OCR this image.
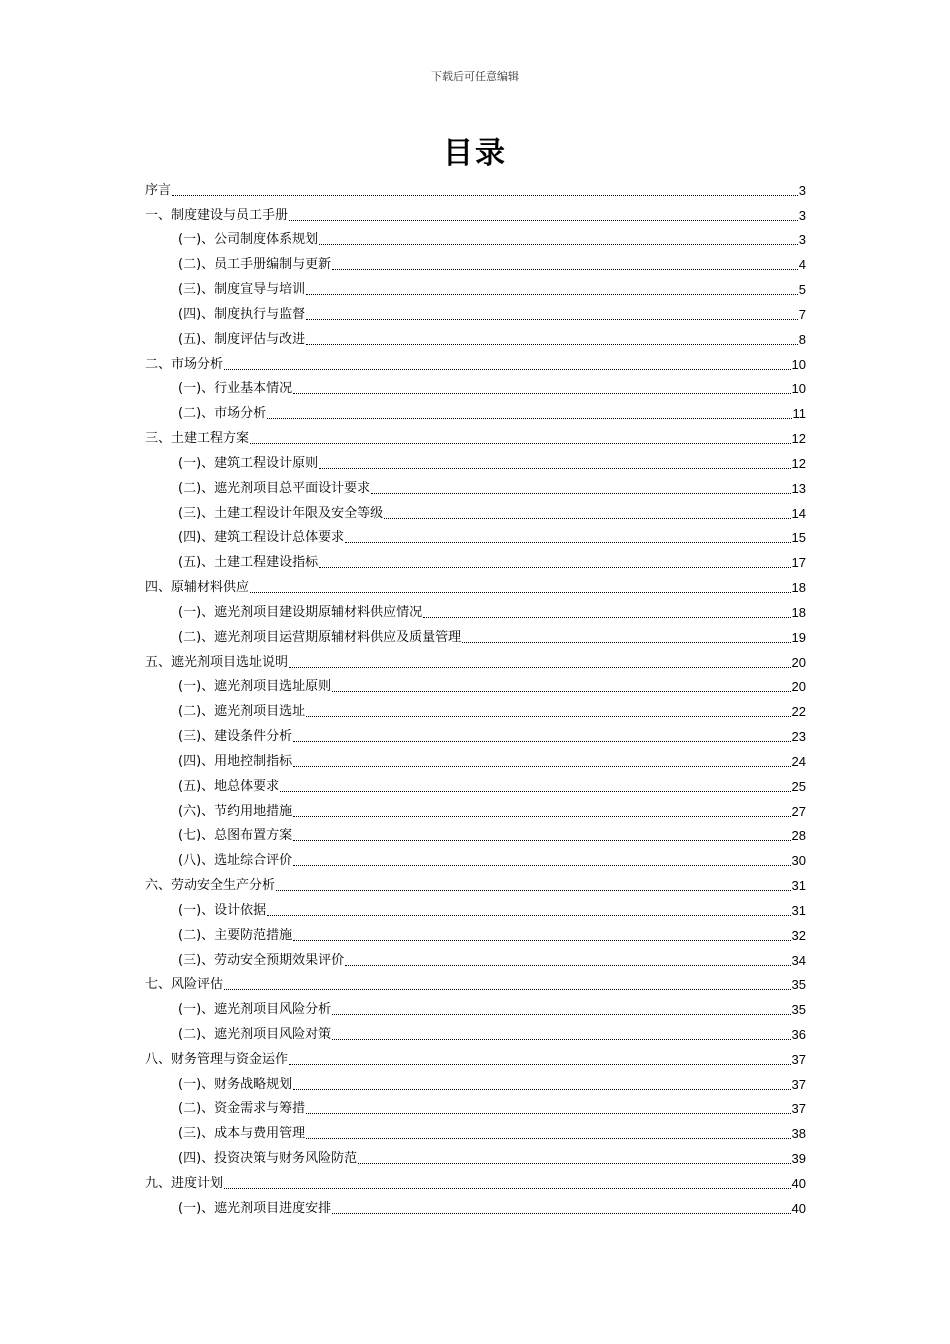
下载后可任意编辑
目录
序言	3
一、制度建设与员工手册	3
(一)、公司制度体系规划	3
(二)、员工手册编制与更新	4
(三)、制度宣导与培训	5
(四)、制度执行与监督	7
(五)、制度评估与改进	8
二、市场分析	10
(一)、行业基本情况	10
(二)、市场分析	11
三、土建工程方案	12
(一)、建筑工程设计原则	12
(二)、遮光剂项目总平面设计要求	13
(三)、土建工程设计年限及安全等级	14
(四)、建筑工程设计总体要求	15
(五)、土建工程建设指标	17
四、原辅材料供应	18
(一)、遮光剂项目建设期原辅材料供应情况	18
(二)、遮光剂项目运营期原辅材料供应及质量管理	19
五、遮光剂项目选址说明	20
(一)、遮光剂项目选址原则	20
(二)、遮光剂项目选址	22
(三)、建设条件分析	23
(四)、用地控制指标	24
(五)、地总体要求	25
(六)、节约用地措施	27
(七)、总图布置方案	28
(八)、选址综合评价	30
六、劳动安全生产分析	31
(一)、设计依据	31
(二)、主要防范措施	32
(三)、劳动安全预期效果评价	34
七、风险评估	35
(一)、遮光剂项目风险分析	35
(二)、遮光剂项目风险对策	36
八、财务管理与资金运作	37
(一)、财务战略规划	37
(二)、资金需求与筹措	37
(三)、成本与费用管理	38
(四)、投资决策与财务风险防范	39
九、进度计划	40
(一)、遮光剂项目进度安排	40
